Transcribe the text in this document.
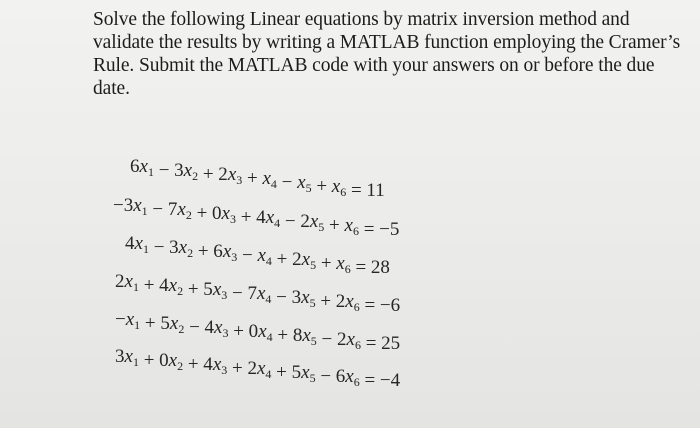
Solve the following Linear equations by matrix inversion method and validate the results by writing a MATLAB function employing the Cramer’s Rule. Submit the MATLAB code with your answers on or before the due date.

$6x_1 - 3x_2 + 2x_3 + x_4 - x_5 + x_6 = 11$
$-3x_1 - 7x_2 + 0x_3 + 4x_4 - 2x_5 + x_6 = -5$
$4x_1 - 3x_2 + 6x_3 - x_4 + 2x_5 + x_6 = 28$
$2x_1 + 4x_2 + 5x_3 - 7x_4 - 3x_5 + 2x_6 = -6$
$-x_1 + 5x_2 - 4x_3 + 0x_4 + 8x_5 - 2x_6 = 25$
$3x_1 + 0x_2 + 4x_3 + 2x_4 + 5x_5 - 6x_6 = -4$
